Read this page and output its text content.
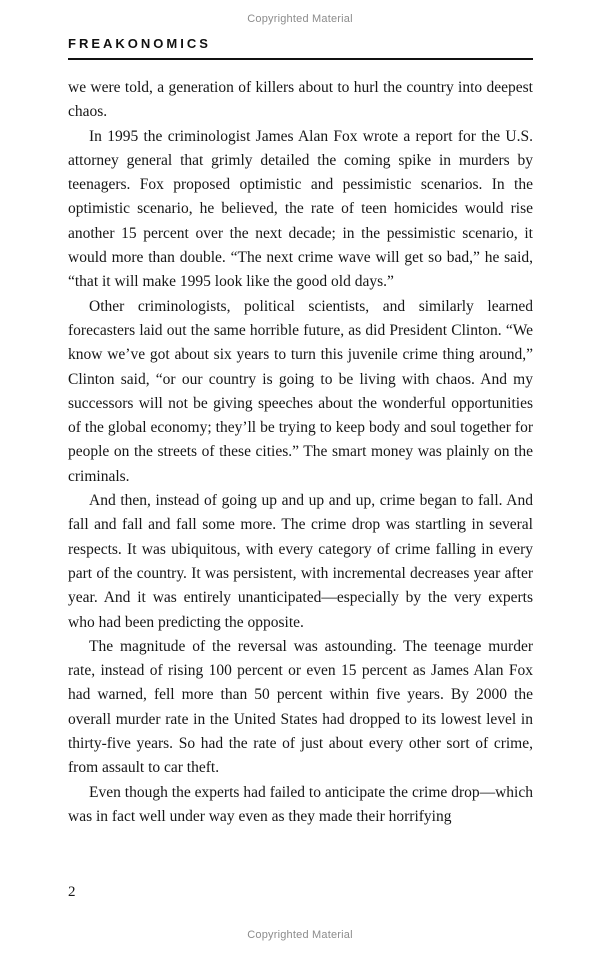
Copyrighted Material
FREAKONOMICS

we were told, a generation of killers about to hurl the country into deepest chaos.

In 1995 the criminologist James Alan Fox wrote a report for the U.S. attorney general that grimly detailed the coming spike in murders by teenagers. Fox proposed optimistic and pessimistic scenarios. In the optimistic scenario, he believed, the rate of teen homicides would rise another 15 percent over the next decade; in the pessimistic scenario, it would more than double. “The next crime wave will get so bad,” he said, “that it will make 1995 look like the good old days.”

Other criminologists, political scientists, and similarly learned forecasters laid out the same horrible future, as did President Clinton. “We know we’ve got about six years to turn this juvenile crime thing around,” Clinton said, “or our country is going to be living with chaos. And my successors will not be giving speeches about the wonderful opportunities of the global economy; they’ll be trying to keep body and soul together for people on the streets of these cities.” The smart money was plainly on the criminals.

And then, instead of going up and up and up, crime began to fall. And fall and fall and fall some more. The crime drop was startling in several respects. It was ubiquitous, with every category of crime falling in every part of the country. It was persistent, with incremental decreases year after year. And it was entirely unanticipated—especially by the very experts who had been predicting the opposite.

The magnitude of the reversal was astounding. The teenage murder rate, instead of rising 100 percent or even 15 percent as James Alan Fox had warned, fell more than 50 percent within five years. By 2000 the overall murder rate in the United States had dropped to its lowest level in thirty-five years. So had the rate of just about every other sort of crime, from assault to car theft.

Even though the experts had failed to anticipate the crime drop—which was in fact well under way even as they made their horrifying

2
Copyrighted Material
